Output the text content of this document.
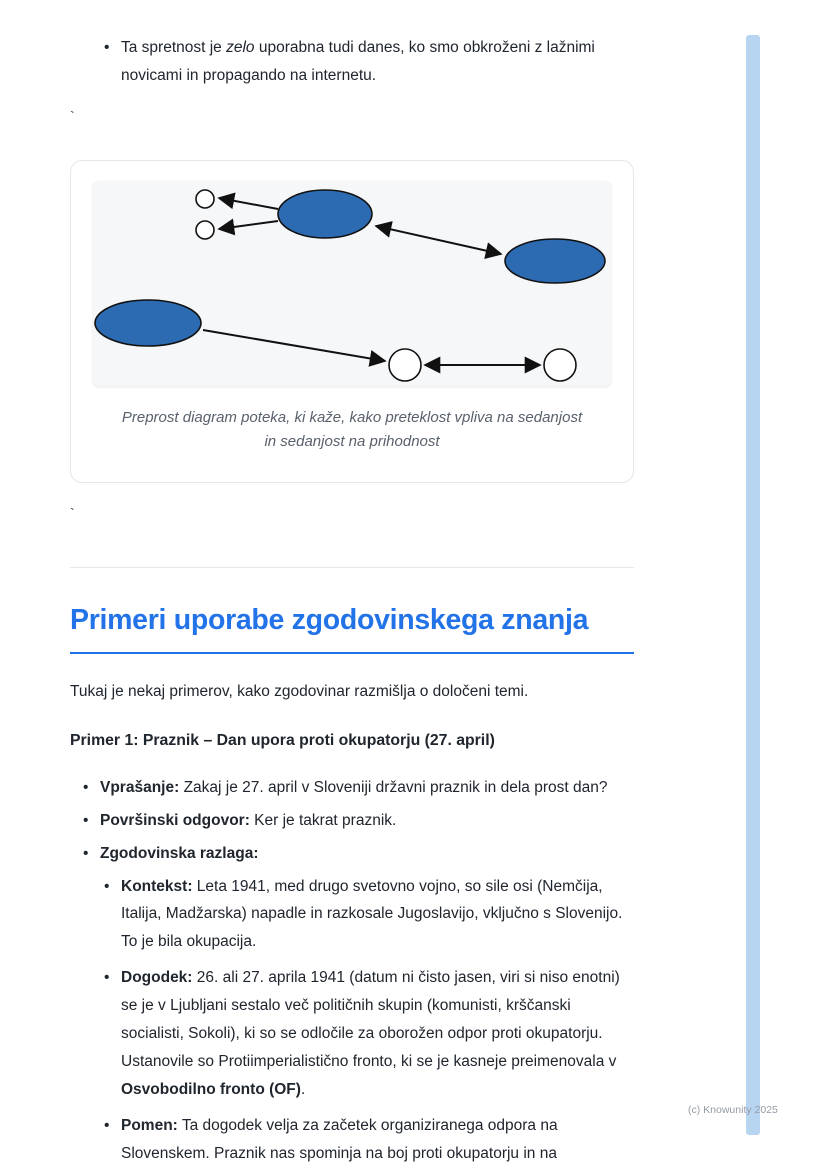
• Ta spretnost je zelo uporabna tudi danes, ko smo obkroženi z lažnimi novicami in propagando na internetu.
`
Preprost diagram poteka, ki kaže, kako preteklost vpliva na sedanjost in sedanjost na prihodnost
`
Primeri uporabe zgodovinskega znanja

Tukaj je nekaj primerov, kako zgodovinar razmišlja o določeni temi.

Primer 1: Praznik – Dan upora proti okupatorju (27. april)

• Vprašanje: Zakaj je 27. april v Sloveniji državni praznik in dela prost dan?
• Površinski odgovor: Ker je takrat praznik.
• Zgodovinska razlaga:
• Kontekst: Leta 1941, med drugo svetovno vojno, so sile osi (Nemčija, Italija, Madžarska) napadle in razkosale Jugoslavijo, vključno s Slovenijo. To je bila okupacija.
• Dogodek: 26. ali 27. aprila 1941 (datum ni čisto jasen, viri si niso enotni) se je v Ljubljani sestalo več političnih skupin (komunisti, krščanski socialisti, Sokoli), ki so se odločile za oborožen odpor proti okupatorju. Ustanovile so Protiimperialistično fronto, ki se je kasneje preimenovala v Osvobodilno fronto (OF).
• Pomen: Ta dogodek velja za začetek organiziranega odpora na Slovenskem. Praznik nas spominja na boj proti okupatorju in na
(c) Knowunity 2025
